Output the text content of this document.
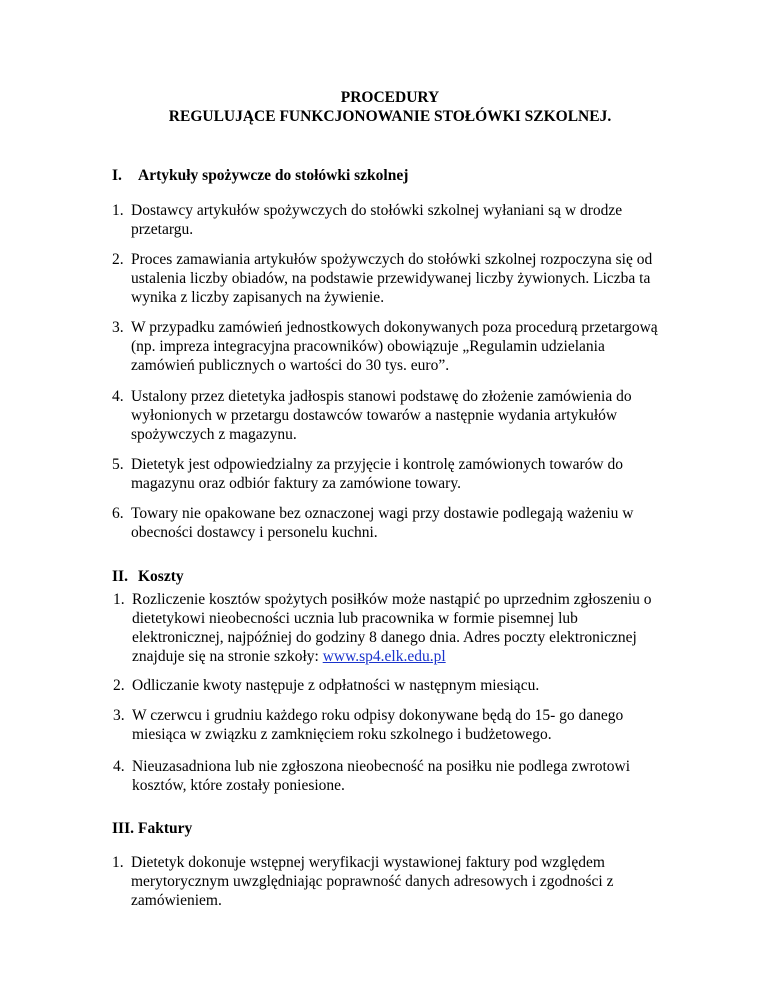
PROCEDURY
REGULUJĄCE FUNKCJONOWANIE STOŁÓWKI SZKOLNEJ.
I. Artykuły spożywcze do stołówki szkolnej
1. Dostawcy artykułów spożywczych do stołówki szkolnej wyłaniani są w drodze
przetargu.
2. Proces zamawiania artykułów spożywczych do stołówki szkolnej rozpoczyna się od
ustalenia liczby obiadów, na podstawie przewidywanej liczby żywionych. Liczba ta
wynika z liczby zapisanych na żywienie.
3. W przypadku zamówień jednostkowych dokonywanych poza procedurą przetargową
(np. impreza integracyjna pracowników) obowiązuje „Regulamin udzielania
zamówień publicznych o wartości do 30 tys. euro”.
4. Ustalony przez dietetyka jadłospis stanowi podstawę do złożenie zamówienia do
wyłonionych w przetargu dostawców towarów a następnie wydania artykułów
spożywczych z magazynu.
5. Dietetyk jest odpowiedzialny za przyjęcie i kontrolę zamówionych towarów do
magazynu oraz odbiór faktury za zamówione towary.
6. Towary nie opakowane bez oznaczonej wagi przy dostawie podlegają ważeniu w
obecności dostawcy i personelu kuchni.
II. Koszty
1. Rozliczenie kosztów spożytych posiłków może nastąpić po uprzednim zgłoszeniu o
dietetykowi nieobecności ucznia lub pracownika w formie pisemnej lub
elektronicznej, najpóźniej do godziny 8 danego dnia. Adres poczty elektronicznej
znajduje się na stronie szkoły: www.sp4.elk.edu.pl
2. Odliczanie kwoty następuje z odpłatności w następnym miesiącu.
3. W czerwcu i grudniu każdego roku odpisy dokonywane będą do 15- go danego
miesiąca w związku z zamknięciem roku szkolnego i budżetowego.
4. Nieuzasadniona lub nie zgłoszona nieobecność na posiłku nie podlega zwrotowi
kosztów, które zostały poniesione.
III. Faktury
1. Dietetyk dokonuje wstępnej weryfikacji wystawionej faktury pod względem
merytorycznym uwzględniając poprawność danych adresowych i zgodności z
zamówieniem.
